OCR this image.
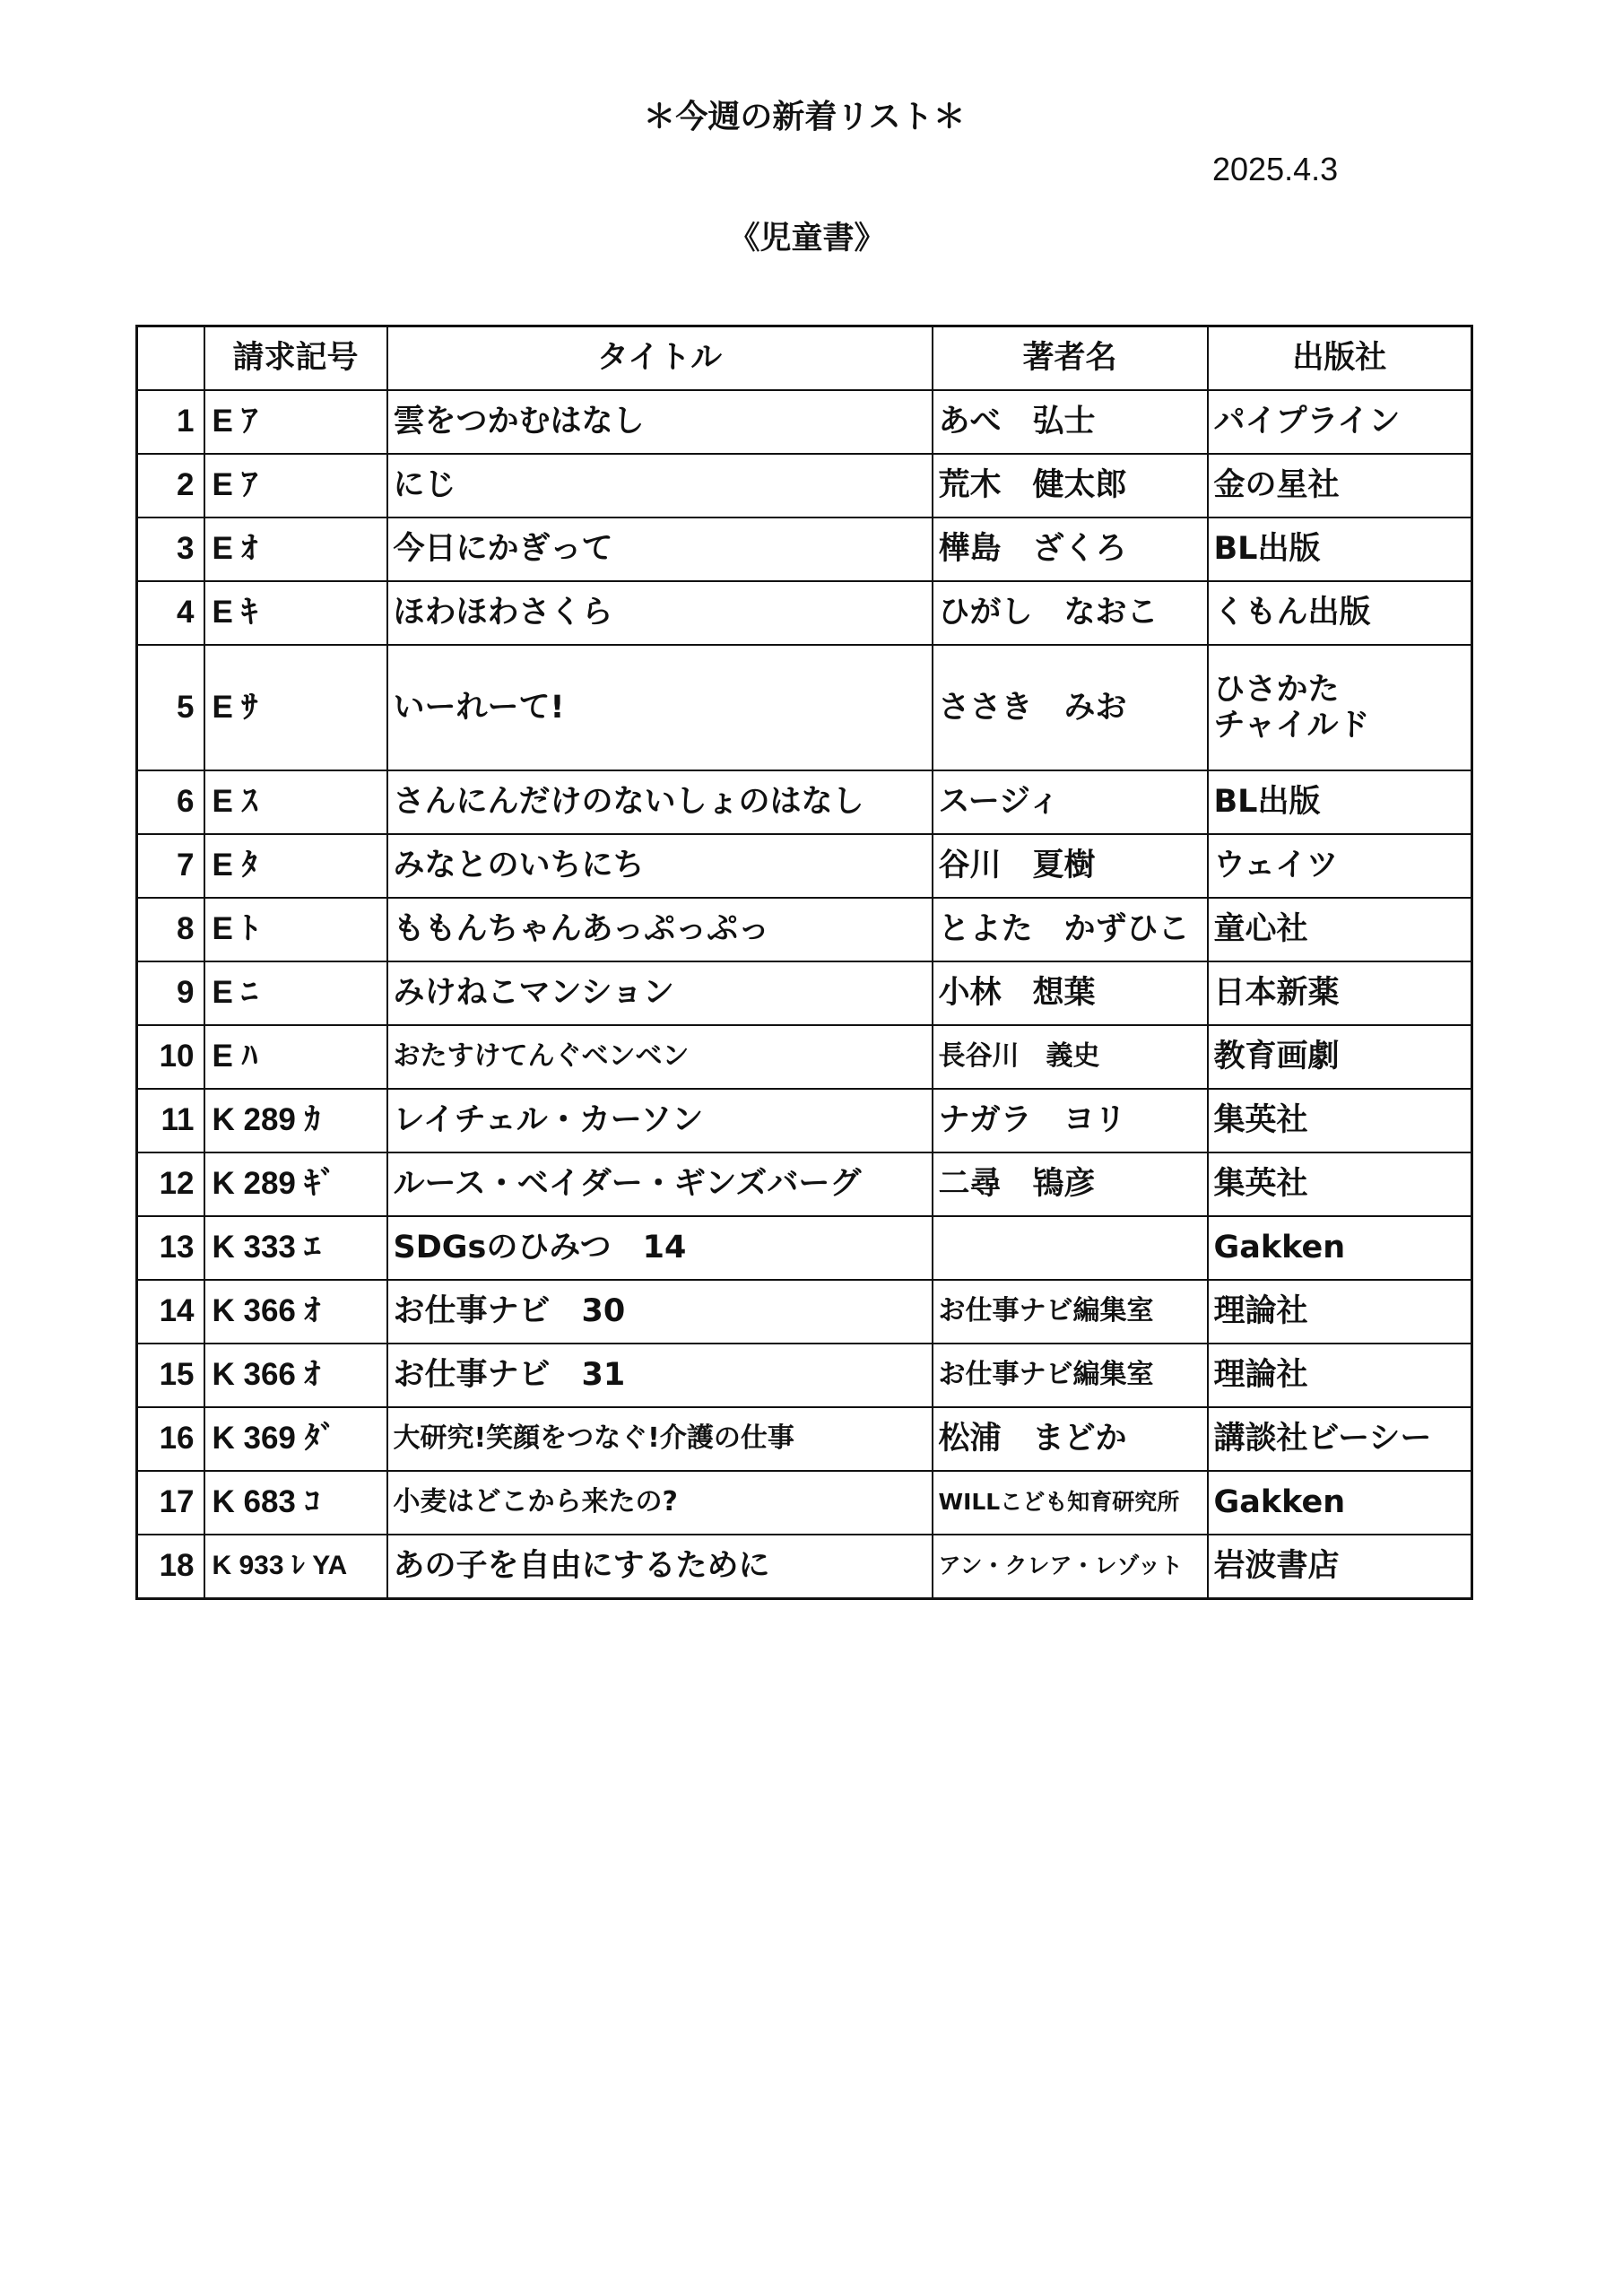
＊今週の新着リスト＊
2025.4.3
《児童書》
	請求記号	タイトル	著者名	出版社
1	E ｱ	雲をつかむはなし	あべ　弘士	パイプライン
2	E ｱ	にじ	荒木　健太郎	金の星社
3	E ｵ	今日にかぎって	樺島　ざくろ	BL出版
4	E ｷ	ほわほわさくら	ひがし　なおこ	くもん出版
5	E ｻ	いーれーて!	ささき　みお	ひさかた
チャイルド

6	E ｽ	さんにんだけのないしょのはなし	スージィ	BL出版
7	E ﾀ	みなとのいちにち	谷川　夏樹	ウェイツ
8	E ﾄ	ももんちゃんあっぷっぷっ	とよた　かずひこ	童心社
9	E ﾆ	みけねこマンション	小林　想葉	日本新薬
10	E ﾊ	おたすけてんぐベンベン	長谷川　義史	教育画劇
11	K 289 ｶ	レイチェル・カーソン	ナガラ　ヨリ	集英社
12	K 289 ｷﾞ	ルース・ベイダー・ギンズバーグ	二尋　鴇彦	集英社
13	K 333 ｴ	SDGsのひみつ　14		Gakken
14	K 366 ｵ	お仕事ナビ　30	お仕事ナビ編集室	理論社
15	K 366 ｵ	お仕事ナビ　31	お仕事ナビ編集室	理論社
16	K 369 ﾀﾞ	大研究!笑顔をつなぐ!介護の仕事	松浦　まどか	講談社ビーシー
17	K 683 ｺ	小麦はどこから来たの?	WILLこども知育研究所	Gakken
18	K 933 ﾚ YA	あの子を自由にするために	アン・クレア・レゾット	岩波書店
